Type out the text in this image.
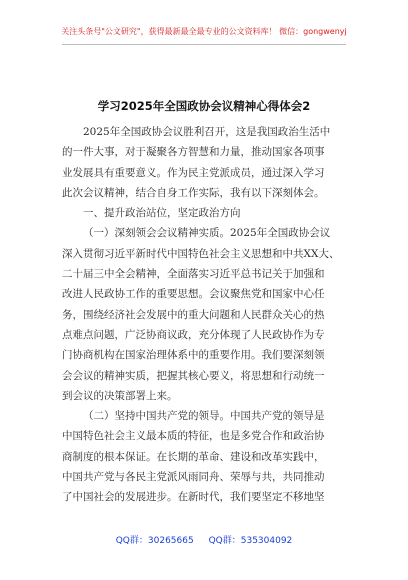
关注头条号"公文研究"，获得最新最全最专业的公文资料库！ 微信：gongwenyj
学习2025年全国政协会议精神心得体会2
2025年全国政协会议胜利召开，这是我国政治生活中
的一件大事，对于凝聚各方智慧和力量，推动国家各项事
业发展具有重要意义。作为民主党派成员，通过深入学习
此次会议精神，结合自身工作实际，我有以下深刻体会。
一、提升政治站位，坚定政治方向
（一）深刻领会会议精神实质。2025年全国政协会议
深入贯彻习近平新时代中国特色社会主义思想和中共XX大、
二十届三中全会精神，全面落实习近平总书记关于加强和
改进人民政协工作的重要思想。会议聚焦党和国家中心任
务，围绕经济社会发展中的重大问题和人民群众关心的热
点难点问题，广泛协商议政，充分体现了人民政协作为专
门协商机构在国家治理体系中的重要作用。我们要深刻领
会会议的精神实质，把握其核心要义，将思想和行动统一
到会议的决策部署上来。
（二）坚持中国共产党的领导。中国共产党的领导是
中国特色社会主义最本质的特征，也是多党合作和政治协
商制度的根本保证。在长期的革命、建设和改革实践中，
中国共产党与各民主党派风雨同舟、荣辱与共，共同推动
了中国社会的发展进步。在新时代，我们要坚定不移地坚
QQ群：30265665 QQ群：535304092
